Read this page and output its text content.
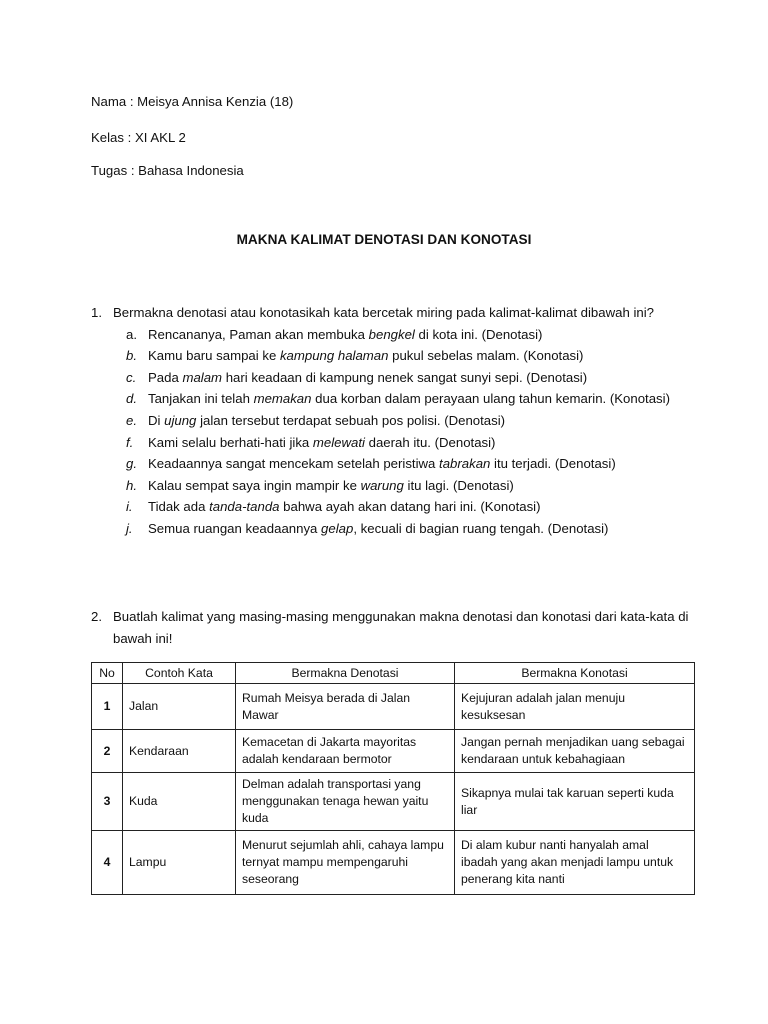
Nama : Meisya Annisa Kenzia (18)
Kelas : XI AKL 2
Tugas : Bahasa Indonesia
MAKNA KALIMAT DENOTASI DAN KONOTASI
1. Bermakna denotasi atau konotasikah kata bercetak miring pada kalimat-kalimat dibawah ini?
a. Rencananya, Paman akan membuka bengkel di kota ini. (Denotasi)
b. Kamu baru sampai ke kampung halaman pukul sebelas malam. (Konotasi)
c. Pada malam hari keadaan di kampung nenek sangat sunyi sepi. (Denotasi)
d. Tanjakan ini telah memakan dua korban dalam perayaan ulang tahun kemarin. (Konotasi)
e. Di ujung jalan tersebut terdapat sebuah pos polisi. (Denotasi)
f. Kami selalu berhati-hati jika melewati daerah itu. (Denotasi)
g. Keadaannya sangat mencekam setelah peristiwa tabrakan itu terjadi. (Denotasi)
h. Kalau sempat saya ingin mampir ke warung itu lagi. (Denotasi)
i. Tidak ada tanda-tanda bahwa ayah akan datang hari ini. (Konotasi)
j. Semua ruangan keadaannya gelap, kecuali di bagian ruang tengah. (Denotasi)
2. Buatlah kalimat yang masing-masing menggunakan makna denotasi dan konotasi dari kata-kata di bawah ini!
No	Contoh Kata	Bermakna Denotasi	Bermakna Konotasi
1	Jalan	Rumah Meisya berada di Jalan Mawar	Kejujuran adalah jalan menuju kesuksesan
2	Kendaraan	Kemacetan di Jakarta mayoritas adalah kendaraan bermotor	Jangan pernah menjadikan uang sebagai kendaraan untuk kebahagiaan
3	Kuda	Delman adalah transportasi yang menggunakan tenaga hewan yaitu kuda	Sikapnya mulai tak karuan seperti kuda liar
4	Lampu	Menurut sejumlah ahli, cahaya lampu ternyat mampu mempengaruhi seseorang	Di alam kubur nanti hanyalah amal ibadah yang akan menjadi lampu untuk penerang kita nanti
